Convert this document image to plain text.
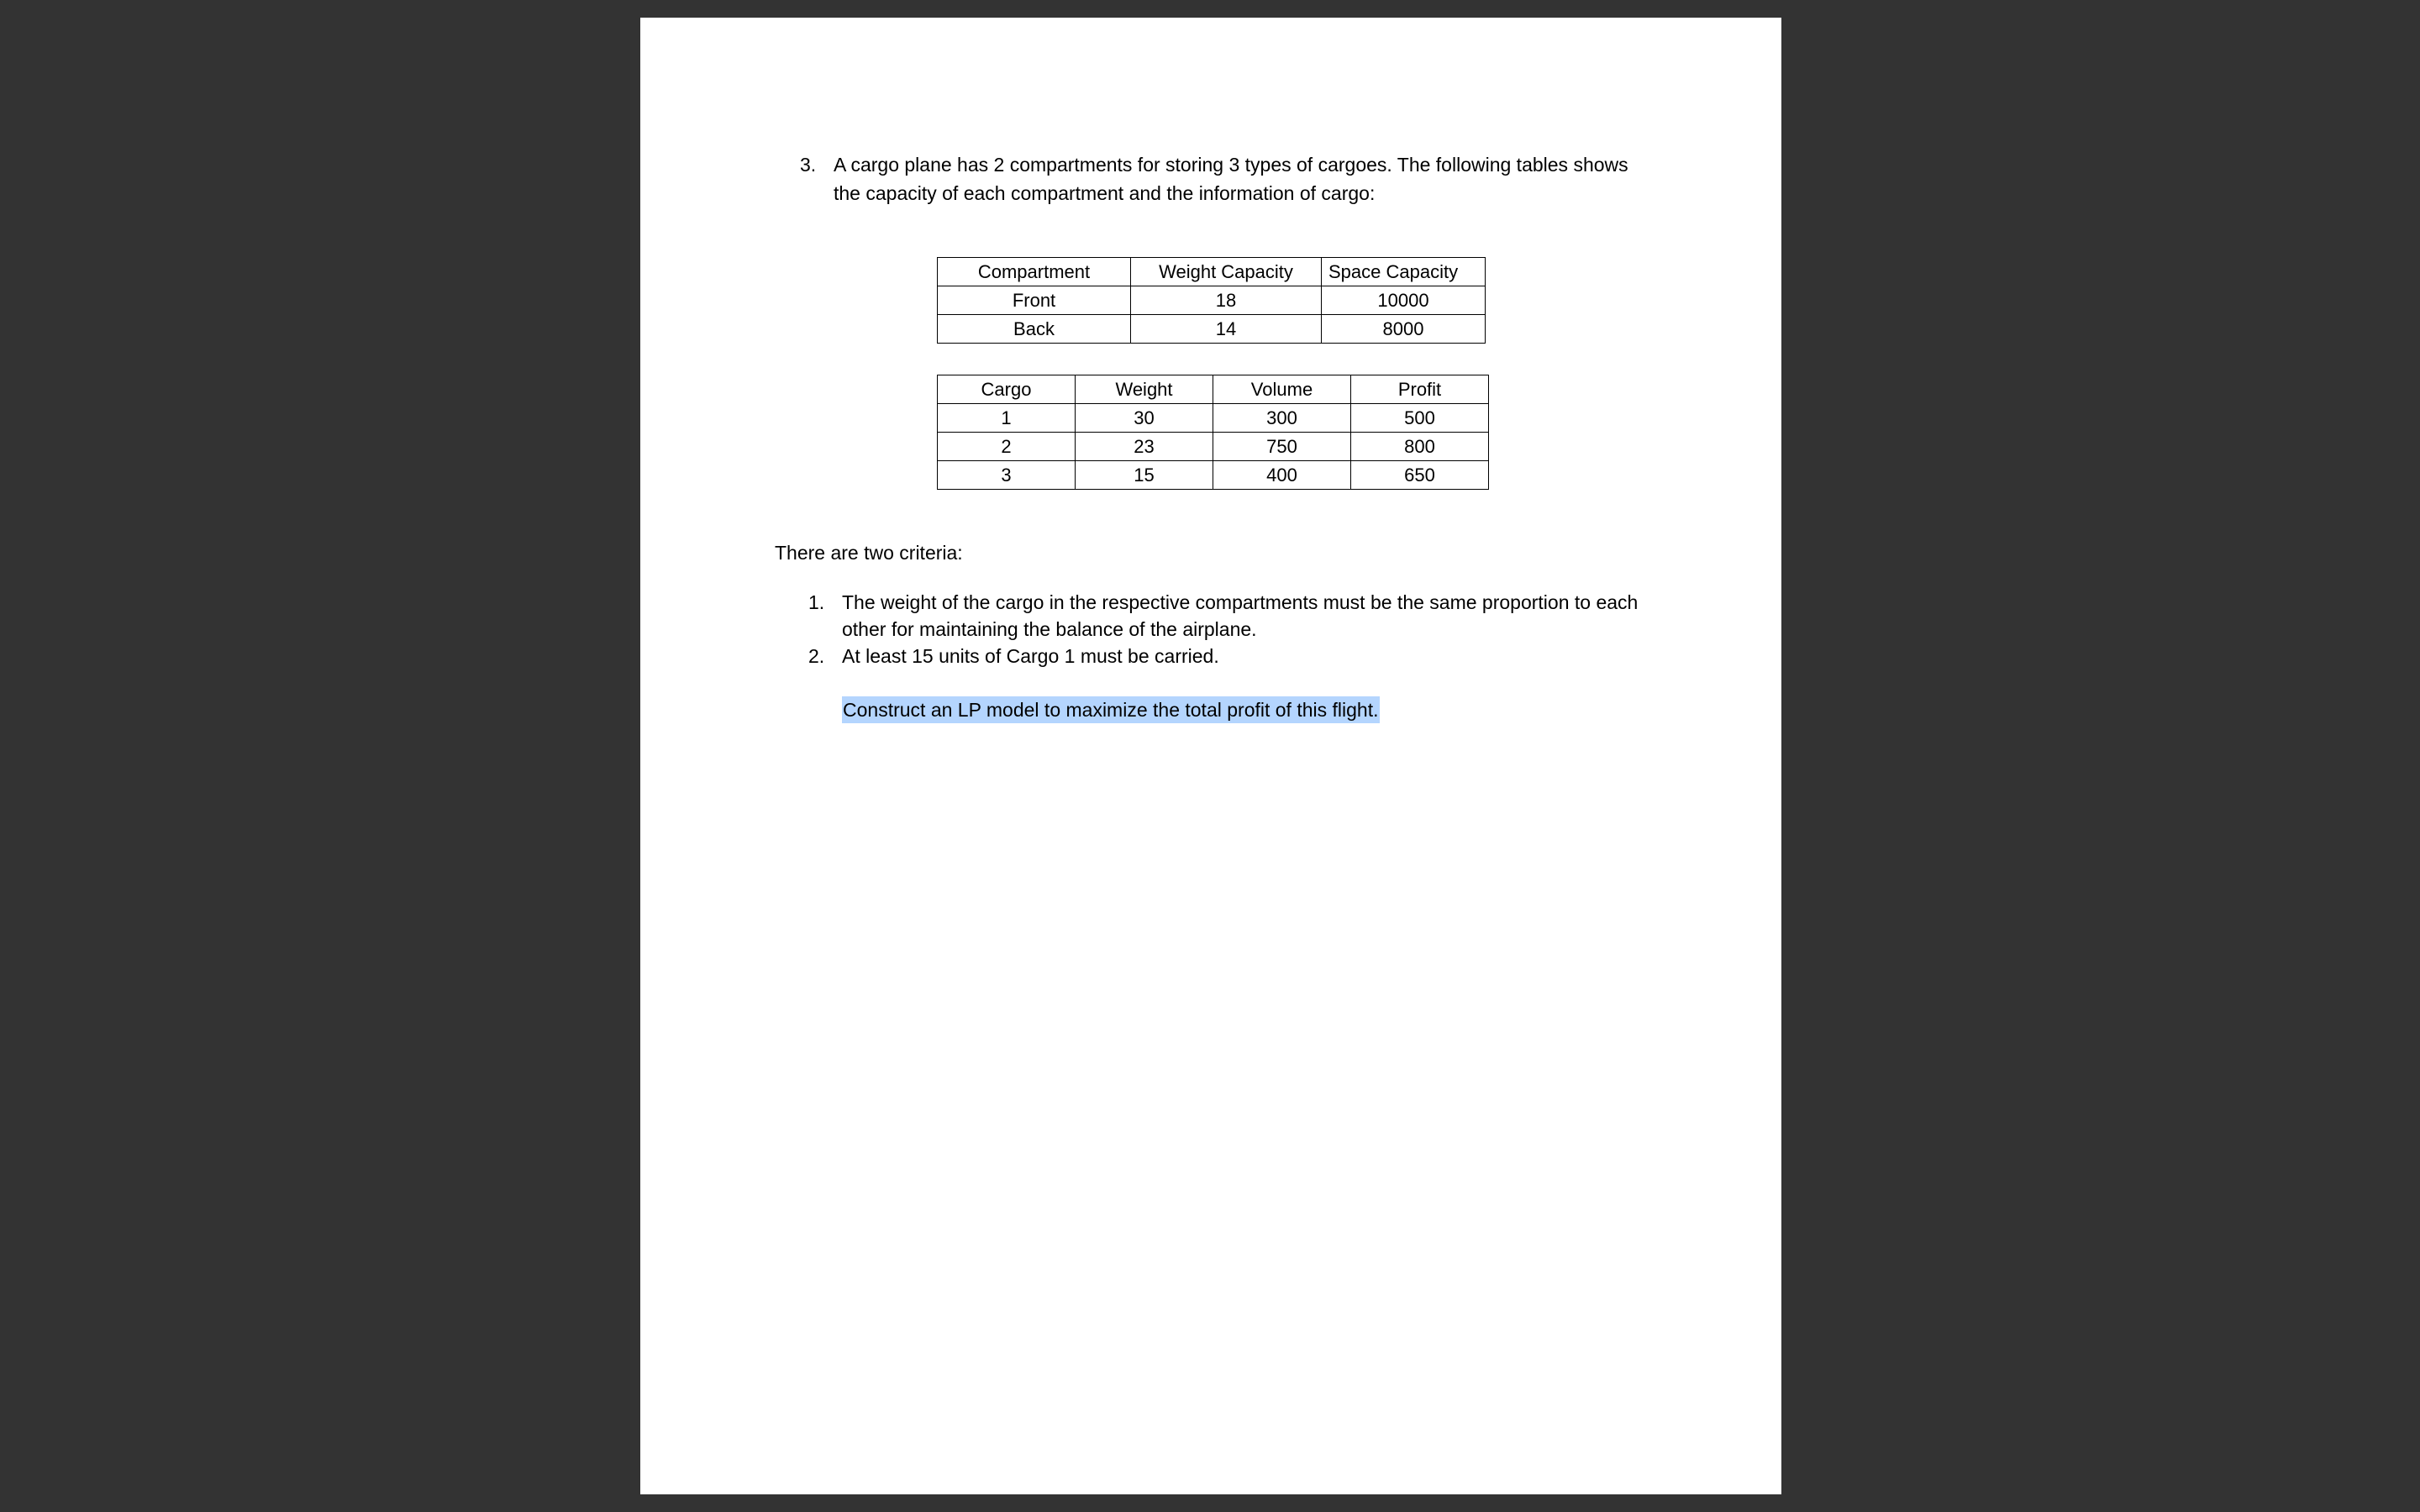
3. A cargo plane has 2 compartments for storing 3 types of cargoes. The following tables shows the capacity of each compartment and the information of cargo:
Compartment	Weight Capacity	Space Capacity
Front	18	10000
Back	14	8000
Cargo	Weight	Volume	Profit
1	30	300	500
2	23	750	800
3	15	400	650
There are two criteria:
1. The weight of the cargo in the respective compartments must be the same proportion to each other for maintaining the balance of the airplane.
2. At least 15 units of Cargo 1 must be carried.
Construct an LP model to maximize the total profit of this flight.
